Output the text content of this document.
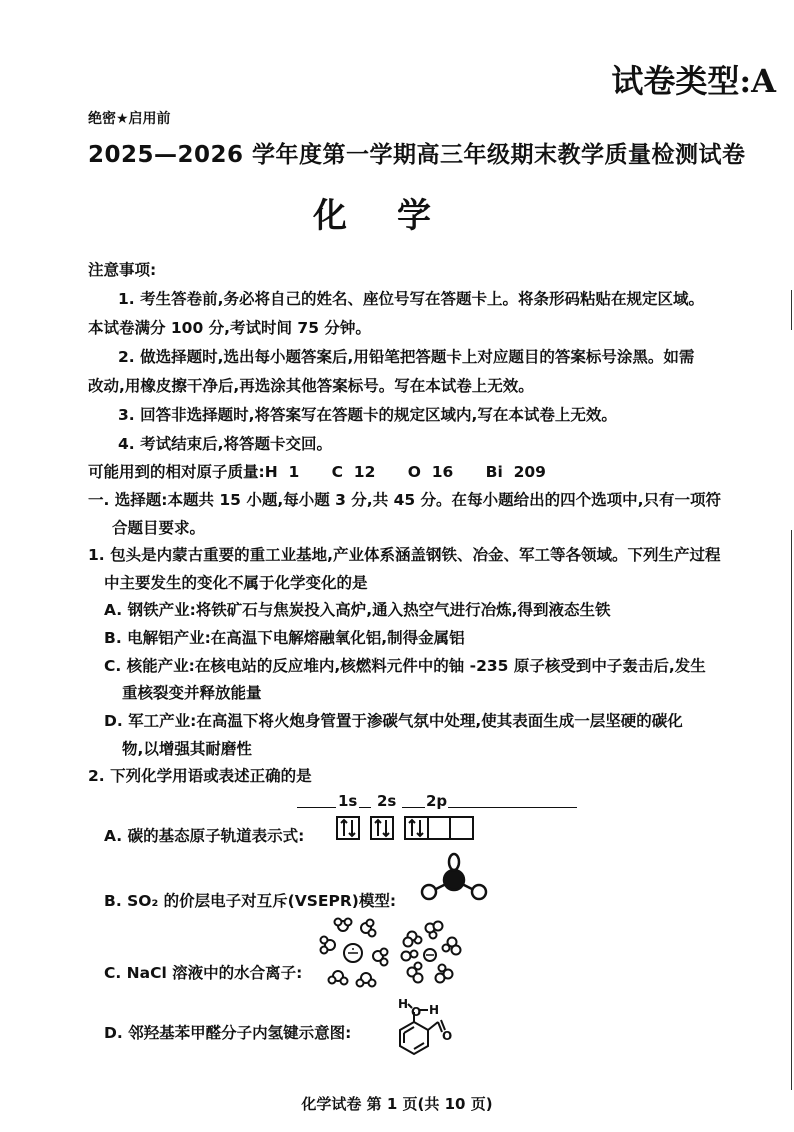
试卷类型:A
绝密★启用前
2025—2026 学年度第一学期高三年级期末教学质量检测试卷
化学
注意事项:
1. 考生答卷前,务必将自己的姓名、座位号写在答题卡上。将条形码粘贴在规定区域。
本试卷满分 100 分,考试时间 75 分钟。
2. 做选择题时,选出每小题答案后,用铅笔把答题卡上对应题目的答案标号涂黑。如需
改动,用橡皮擦干净后,再选涂其他答案标号。写在本试卷上无效。
3. 回答非选择题时,将答案写在答题卡的规定区域内,写在本试卷上无效。
4. 考试结束后,将答题卡交回。
可能用到的相对原子质量:H  1      C  12      O  16      Bi  209
一. 选择题:本题共 15 小题,每小题 3 分,共 45 分。在每小题给出的四个选项中,只有一项符
合题目要求。
1. 包头是内蒙古重要的重工业基地,产业体系涵盖钢铁、冶金、军工等各领域。下列生产过程
中主要发生的变化不属于化学变化的是
A. 钢铁产业:将铁矿石与焦炭投入高炉,通入热空气进行冶炼,得到液态生铁
B. 电解铝产业:在高温下电解熔融氧化铝,制得金属铝
C. 核能产业:在核电站的反应堆内,核燃料元件中的铀 -235 原子核受到中子轰击后,发生
重核裂变并释放能量
D. 军工产业:在高温下将火炮身管置于渗碳气氛中处理,使其表面生成一层坚硬的碳化
物,以增强其耐磨性
2. 下列化学用语或表述正确的是
1s	2s	2p
A. 碳的基态原子轨道表示式:
B. SO₂ 的价层电子对互斥(VSEPR)模型:
C. NaCl 溶液中的水合离子:
D. 邻羟基苯甲醛分子内氢键示意图:
H
O H
O
化学试卷 第 1 页(共 10 页)
